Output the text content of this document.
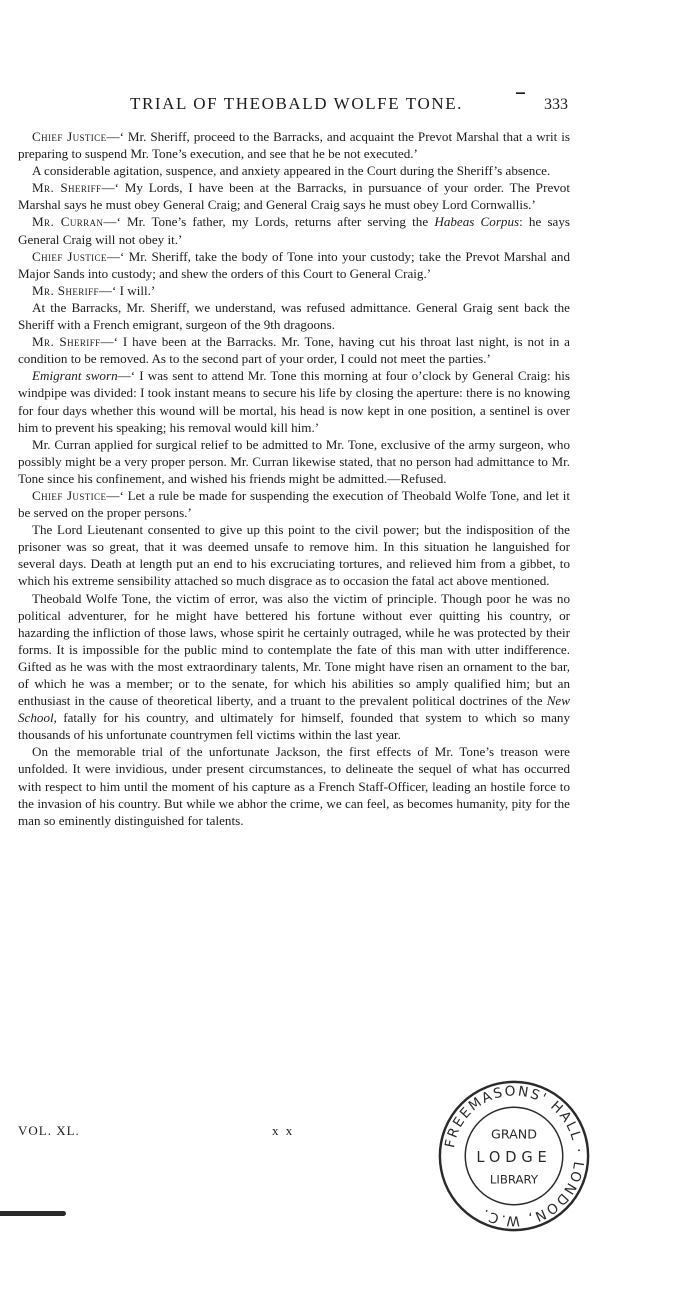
TRIAL OF THEOBALD WOLFE TONE.	‾ 333

Chief Justice—‘ Mr. Sheriff, proceed to the Barracks, and acquaint the Prevot Marshal that a writ is preparing to suspend Mr. Tone’s execution, and see that he be not executed.’

A considerable agitation, suspence, and anxiety appeared in the Court during the Sheriff’s absence.

Mr. Sheriff—‘ My Lords, I have been at the Barracks, in pursuance of your order. The Prevot Marshal says he must obey General Craig; and General Craig says he must obey Lord Cornwallis.’

Mr. Curran—‘ Mr. Tone’s father, my Lords, returns after serving the Habeas Corpus: he says General Craig will not obey it.’

Chief Justice—‘ Mr. Sheriff, take the body of Tone into your custody; take the Prevot Marshal and Major Sands into custody; and shew the orders of this Court to General Craig.’

Mr. Sheriff—‘ I will.’

At the Barracks, Mr. Sheriff, we understand, was refused admittance. General Graig sent back the Sheriff with a French emigrant, surgeon of the 9th dragoons.

Mr. Sheriff—‘ I have been at the Barracks. Mr. Tone, having cut his throat last night, is not in a condition to be removed. As to the second part of your order, I could not meet the parties.’

Emigrant sworn—‘ I was sent to attend Mr. Tone this morning at four o’clock by General Craig: his windpipe was divided: I took instant means to secure his life by closing the aperture: there is no knowing for four days whether this wound will be mortal, his head is now kept in one position, a sentinel is over him to prevent his speaking; his removal would kill him.’

Mr. Curran applied for surgical relief to be admitted to Mr. Tone, exclusive of the army surgeon, who possibly might be a very proper person. Mr. Curran likewise stated, that no person had admittance to Mr. Tone since his confinement, and wished his friends might be admitted.—Refused.

Chief Justice—‘ Let a rule be made for suspending the execution of Theobald Wolfe Tone, and let it be served on the proper persons.’

The Lord Lieutenant consented to give up this point to the civil power; but the indisposition of the prisoner was so great, that it was deemed unsafe to remove him. In this situation he languished for several days. Death at length put an end to his excruciating tortures, and relieved him from a gibbet, to which his extreme sensibility attached so much disgrace as to occasion the fatal act above mentioned.

Theobald Wolfe Tone, the victim of error, was also the victim of principle. Though poor he was no political adventurer, for he might have bettered his fortune without ever quitting his country, or hazarding the infliction of those laws, whose spirit he certainly outraged, while he was protected by their forms. It is impossible for the public mind to contemplate the fate of this man with utter indifference. Gifted as he was with the most extraordinary talents, Mr. Tone might have risen an ornament to the bar, of which he was a member; or to the senate, for which his abilities so amply qualified him; but an enthusiast in the cause of theoretical liberty, and a truant to the prevalent political doctrines of the New School, fatally for his country, and ultimately for himself, founded that system to which so many thousands of his unfortunate countrymen fell victims within the last year.

On the memorable trial of the unfortunate Jackson, the first effects of Mr. Tone’s treason were unfolded. It were invidious, under present circumstances, to delineate the sequel of what has occurred with respect to him until the moment of his capture as a French Staff-Officer, leading an hostile force to the invasion of his country. But while we abhor the crime, we can feel, as becomes humanity, pity for the man so eminently distinguished for talents.

VOL. XL.	x x
FREEMASONS' HALL · LONDON, W.C.
GRAND
LODGE
LIBRARY
